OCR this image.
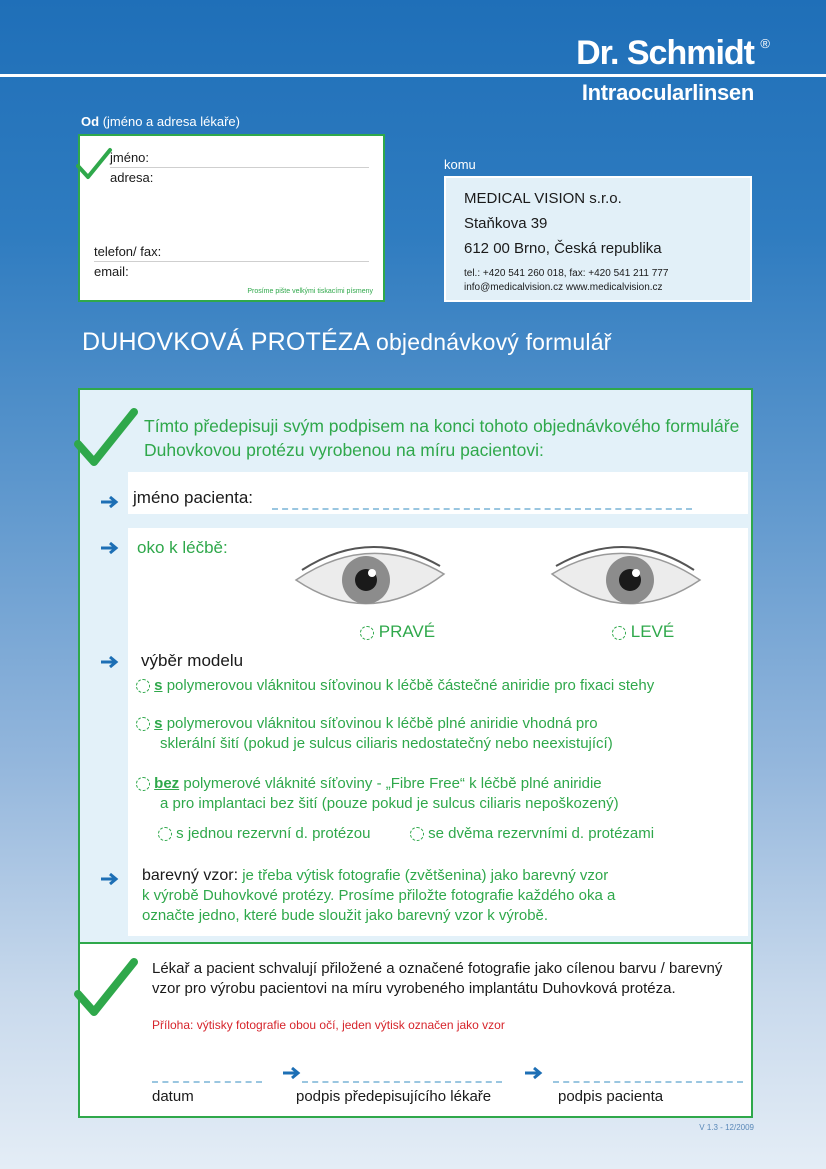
Dr. Schmidt ®
Intraocularlinsen
Od (jméno a adresa lékaře)
jméno:
adresa:
telefon/ fax:
email:
Prosíme pište velkými tiskacími písmeny
komu
MEDICAL VISION s.r.o.
Staňkova 39
612 00 Brno, Česká republika
tel.: +420 541 260 018, fax: +420 541 211 777
info@medicalvision.cz www.medicalvision.cz
DUHOVKOVÁ PROTÉZA objednávkový formulář
Tímto předepisuji svým podpisem na konci tohoto objednávkového formuláře Duhovkovou protézu vyrobenou na míru pacientovi:
jméno pacienta:
oko k léčbě:
PRAVÉ	LEVÉ
výběr modelu
s polymerovou vláknitou síťovinou k léčbě částečné aniridie pro fixaci stehy
s polymerovou vláknitou síťovinou k léčbě plné aniridie vhodná pro
sklerální šití (pokud je sulcus ciliaris nedostatečný nebo neexistující)
bez polymerové vláknité síťoviny - „Fibre Free“ k léčbě plné aniridie
a pro implantaci bez šití (pouze pokud je sulcus ciliaris nepoškozený)
s jednou rezervní d. protézou	se dvěma rezervními d. protézami
barevný vzor: je třeba výtisk fotografie (zvětšenina) jako barevný vzor
k výrobě Duhovkové protézy. Prosíme přiložte fotografie každého oka a
označte jedno, které bude sloužit jako barevný vzor k výrobě.
Lékař a pacient schvalují přiložené a označené fotografie jako cílenou barvu / barevný vzor pro výrobu pacientovi na míru vyrobeného implantátu Duhovková protéza.
Příloha: výtisky fotografie obou očí, jeden výtisk označen jako vzor
datum	podpis předepisujícího lékaře	podpis pacienta
V 1.3 - 12/2009
